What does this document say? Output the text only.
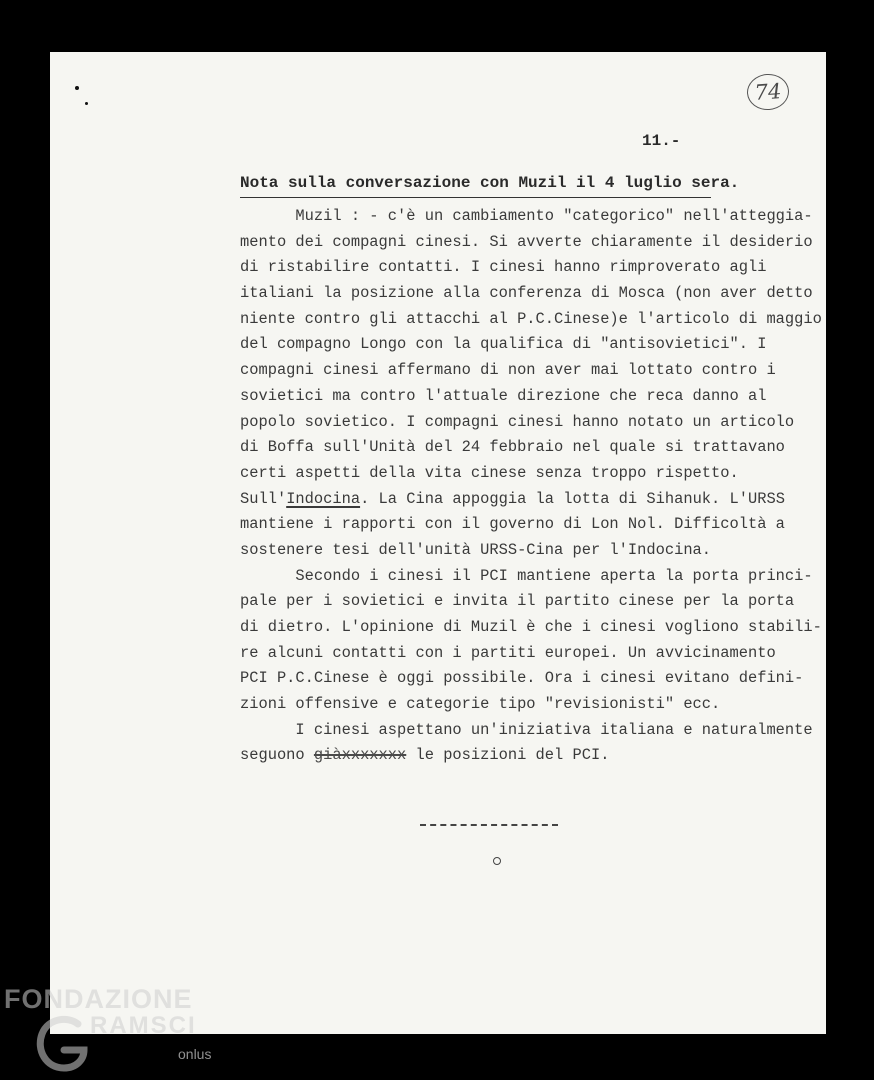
74
11.-
Nota sulla conversazione con Muzil il 4 luglio sera.
Muzil : - c'è un cambiamento "categorico" nell'atteggia-
mento dei compagni cinesi. Si avverte chiaramente il desiderio
di ristabilire contatti. I cinesi hanno rimproverato agli
italiani la posizione alla conferenza di Mosca (non aver detto
niente contro gli attacchi al P.C.Cinese)e l'articolo di maggio
del compagno Longo con la qualifica di "antisovietici". I
compagni cinesi affermano di non aver mai lottato contro i
sovietici ma contro l'attuale direzione che reca danno al
popolo sovietico. I compagni cinesi hanno notato un articolo
di Boffa sull'Unità del 24 febbraio nel quale si trattavano
certi aspetti della vita cinese senza troppo rispetto.
Sull'Indocina. La Cina appoggia la lotta di Sihanuk. L'URSS
mantiene i rapporti con il governo di Lon Nol. Difficoltà a
sostenere tesi dell'unità URSS-Cina per l'Indocina.
Secondo i cinesi il PCI mantiene aperta la porta princi-
pale per i sovietici e invita il partito cinese per la porta
di dietro. L'opinione di Muzil è che i cinesi vogliono stabili-
re alcuni contatti con i partiti europei. Un avvicinamento
PCI P.C.Cinese è oggi possibile. Ora i cinesi evitano defini-
zioni offensive e categorie tipo "revisionisti" ecc.
I cinesi aspettano un'iniziativa italiana e naturalmente
seguono giàxxxxxxx le posizioni del PCI.
FONDAZIONE
RAMSCI
onlus
